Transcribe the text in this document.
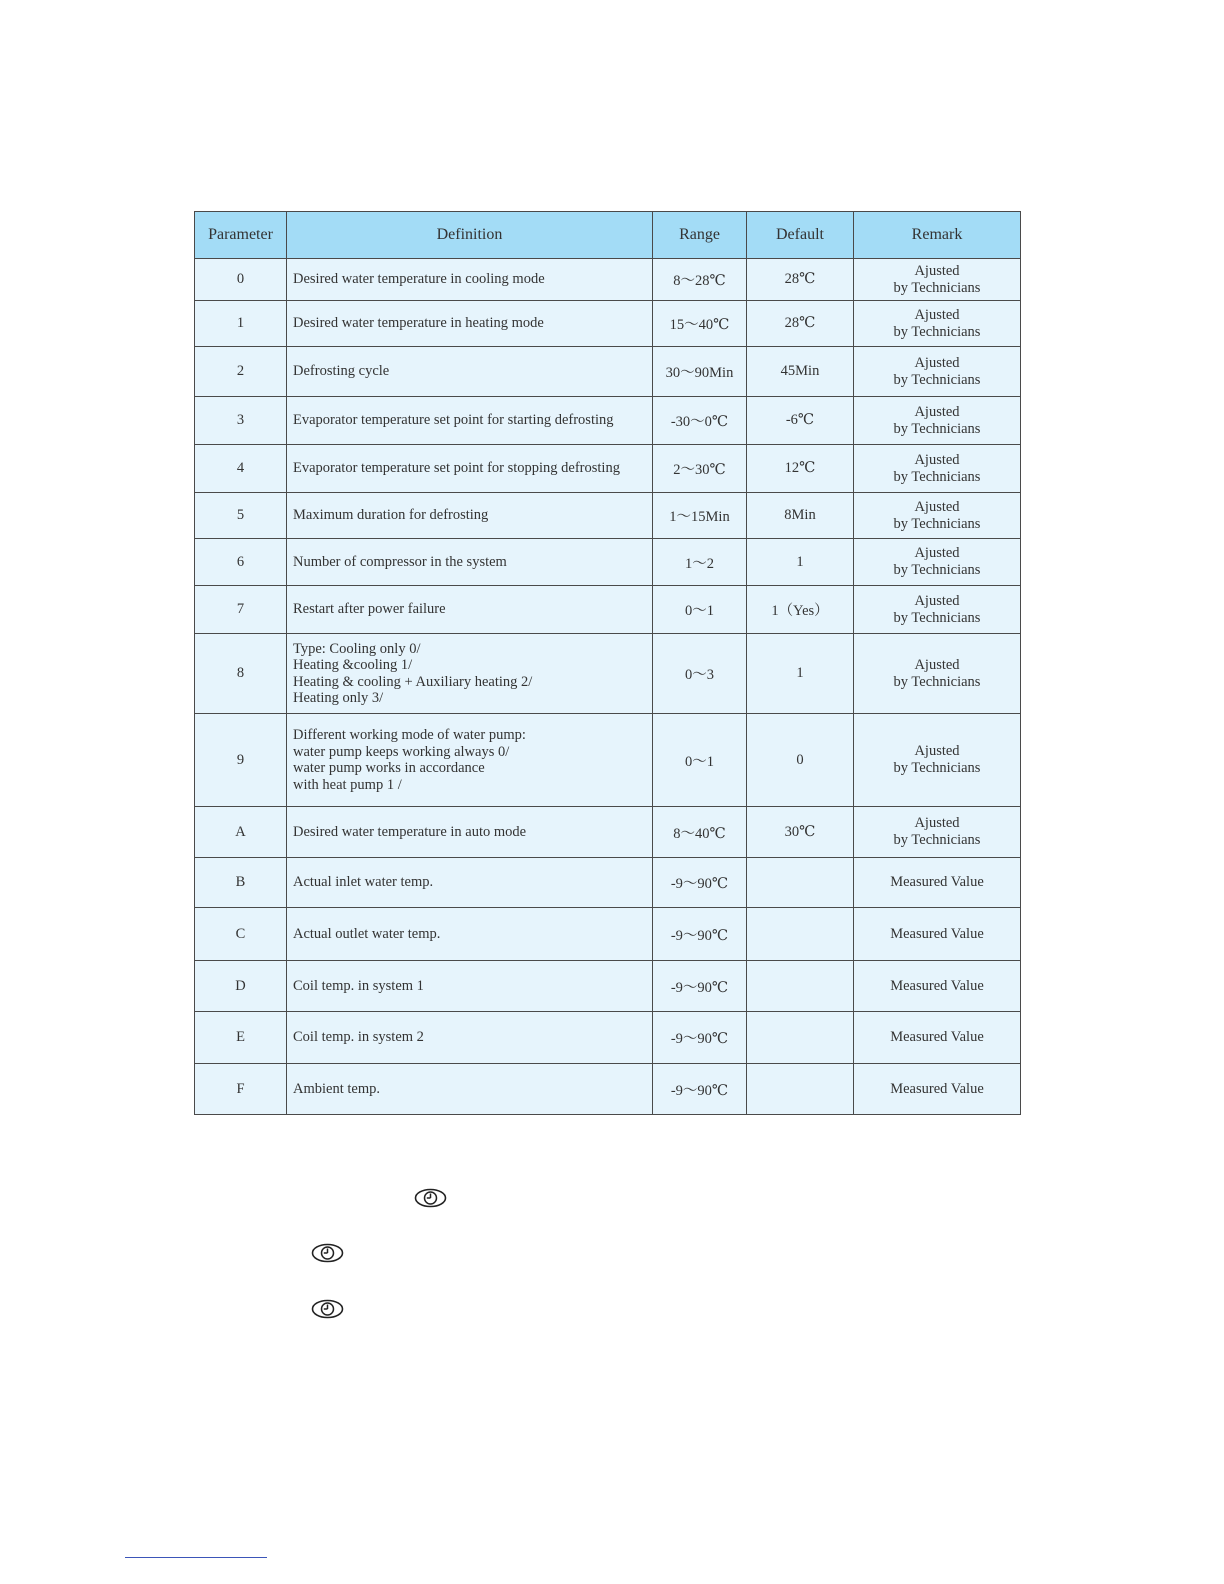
Parameter	Definition	Range	Default	Remark
0	Desired water temperature in cooling mode	8～28℃	28℃	Ajusted
by Technicians

1	Desired water temperature in heating mode	15～40℃	28℃	Ajusted
by Technicians

2	Defrosting cycle	30～90Min	45Min	Ajusted
by Technicians

3	Evaporator temperature set point for starting defrosting	-30～0℃	-6℃	Ajusted
by Technicians

4	Evaporator temperature set point for stopping defrosting	2～30℃	12℃	Ajusted
by Technicians

5	Maximum duration for defrosting	1～15Min	8Min	Ajusted
by Technicians

6	Number of compressor in the system	1～2	1	Ajusted
by Technicians

7	Restart after power failure	0～1	1（Yes）	Ajusted
by Technicians

8	Type: Cooling only 0/
Heating &cooling 1/
Heating & cooling + Auxiliary heating 2/
Heating only 3/	0～3	1	Ajusted
by Technicians

9	Different working mode of water pump:
water pump keeps working always 0/
water pump works in accordance
with heat pump 1 /	0～1	0	Ajusted
by Technicians

A	Desired water temperature in auto mode	8～40℃	30℃	Ajusted
by Technicians

B	Actual inlet water temp.	-9～90℃		Measured Value

C	Actual outlet water temp.	-9～90℃		Measured Value

D	Coil temp. in system 1	-9～90℃		Measured Value

E	Coil temp. in system 2	-9～90℃		Measured Value

F	Ambient temp.	-9～90℃		Measured Value
